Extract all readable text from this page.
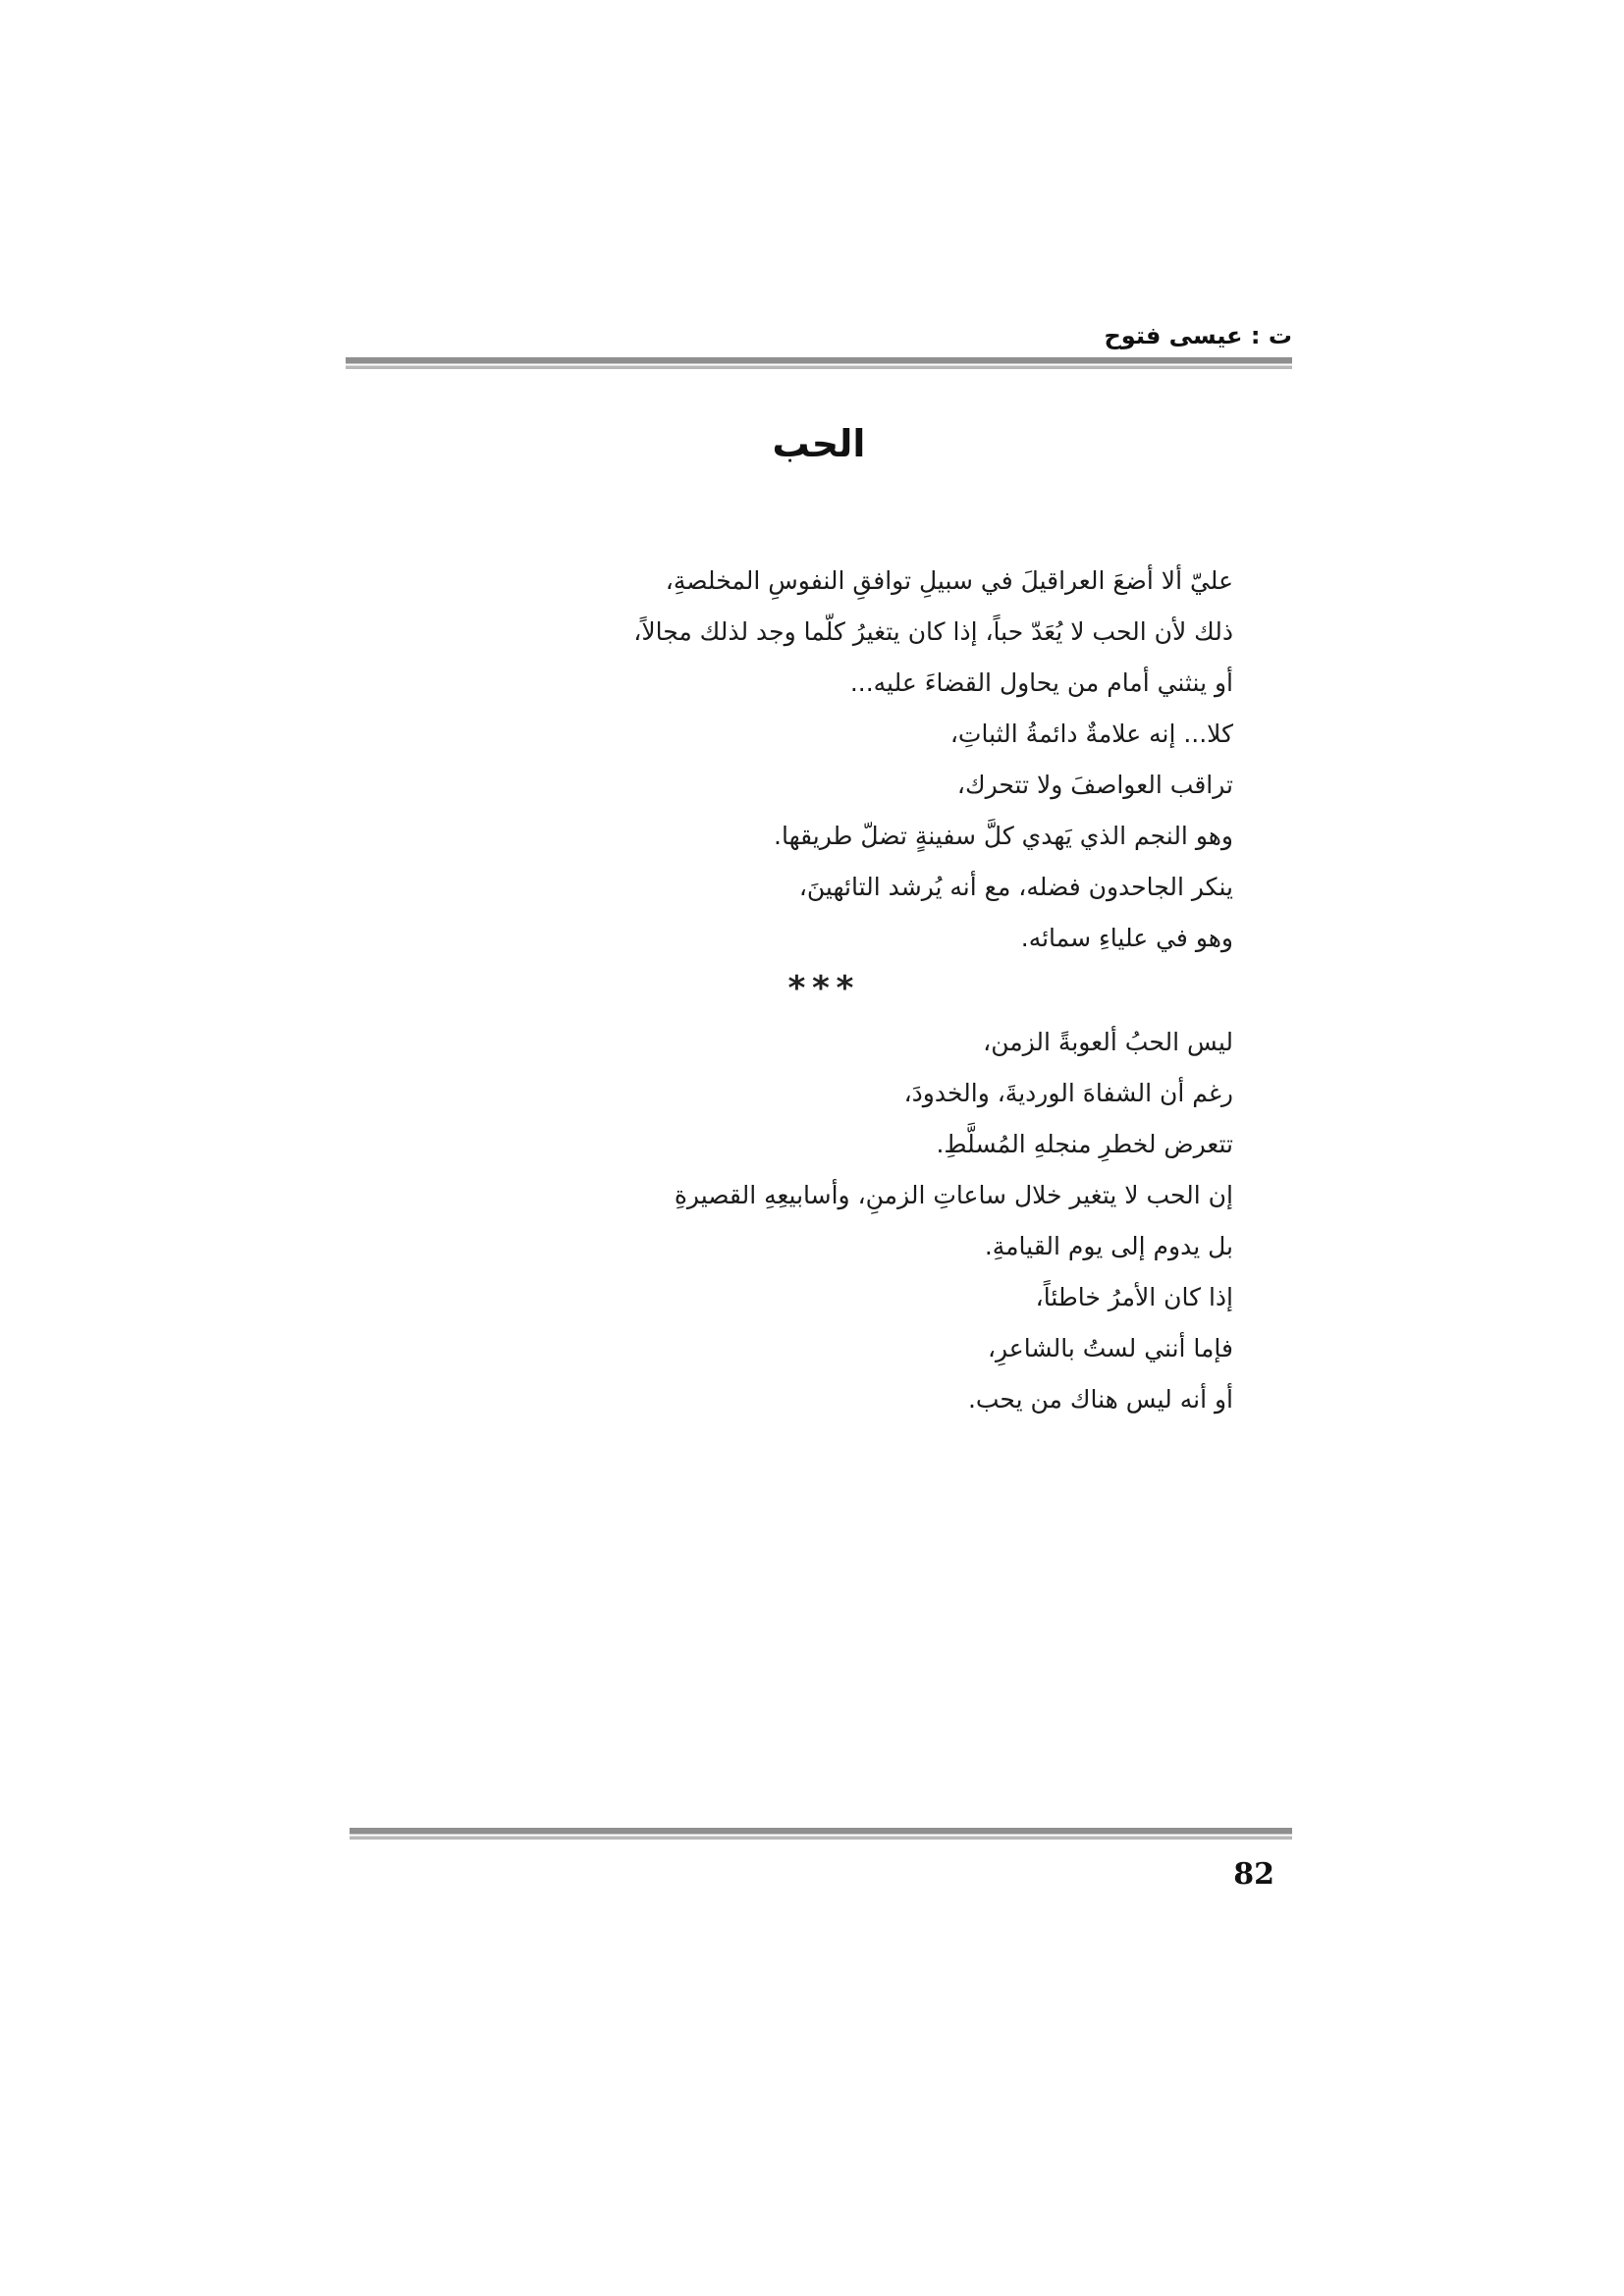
ت : عيسى فتوح
الحب
عليّ ألا أضعَ العراقيلَ في سبيلِ توافقِ النفوسِ المخلصةِ،
ذلك لأن الحب لا يُعَدّ حباً، إذا كان يتغيرُ كلّما وجد لذلك مجالاً،
أو ينثني أمام من يحاول القضاءَ عليه...
كلا... إنه علامةٌ دائمةُ الثباتِ،
تراقب العواصفَ ولا تتحرك،
وهو النجم الذي يَهدي كلَّ سفينةٍ تضلّ طريقها.
ينكر الجاحدون فضله، مع أنه يُرشد التائهينَ،
وهو في علياءِ سمائه.
***
ليس الحبُ ألعوبةً الزمن،
رغم أن الشفاهَ الورديةَ، والخدودَ،
تتعرض لخطرِ منجلهِ المُسلَّطِ.
إن الحب لا يتغير خلال ساعاتِ الزمنِ، وأسابيعِهِ القصيرةِ
بل يدوم إلى يوم القيامةِ.
إذا كان الأمرُ خاطئاً،
فإما أنني لستُ بالشاعرِ،
أو أنه ليس هناك من يحب.
82
